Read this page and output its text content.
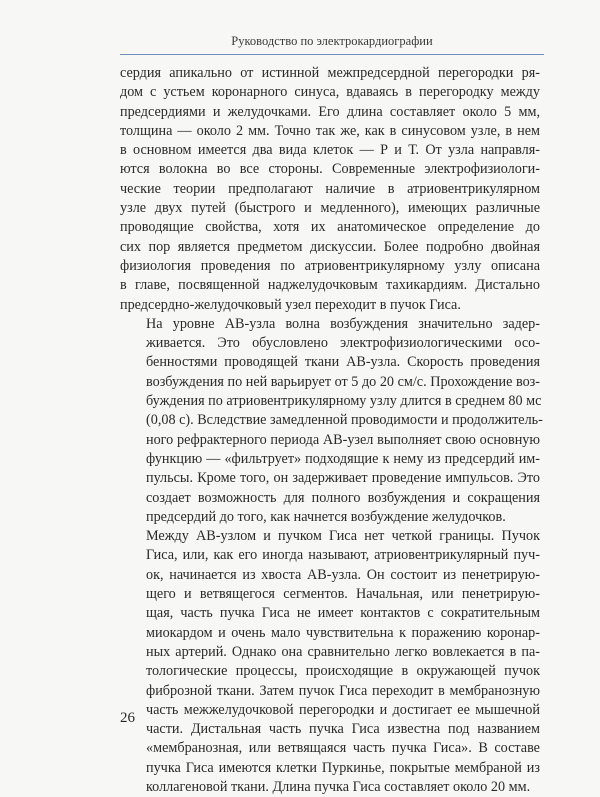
Руководство по электрокардиографии

сердия апикально от истинной межпредсердной перегородки ря-
дом с устьем коронарного синуса, вдаваясь в перегородку между
предсердиями и желудочками. Его длина составляет около 5 мм,
толщина — около 2 мм. Точно так же, как в синусовом узле, в нем
в основном имеется два вида клеток — Р и Т. От узла направля-
ются волокна во все стороны. Современные электрофизиологи-
ческие теории предполагают наличие в атриовентрикулярном
узле двух путей (быстрого и медленного), имеющих различные
проводящие свойства, хотя их анатомическое определение до
сих пор является предметом дискуссии. Более подробно двойная
физиология проведения по атриовентрикулярному узлу описана
в главе, посвященной наджелудочковым тахикардиям. Дистально
предсердно-желудочковый узел переходит в пучок Гиса.

На уровне АВ-узла волна возбуждения значительно задер-
живается. Это обусловлено электрофизиологическими осо-
бенностями проводящей ткани АВ-узла. Скорость проведения
возбуждения по ней варьирует от 5 до 20 см/с. Прохождение воз-
буждения по атриовентрикулярному узлу длится в среднем 80 мс
(0,08 с). Вследствие замедленной проводимости и продолжитель-
ного рефрактерного периода АВ-узел выполняет свою основную
функцию — «фильтрует» подходящие к нему из предсердий им-
пульсы. Кроме того, он задерживает проведение импульсов. Это
создает возможность для полного возбуждения и сокращения
предсердий до того, как начнется возбуждение желудочков.

Между АВ-узлом и пучком Гиса нет четкой границы. Пучок
Гиса, или, как его иногда называют, атриовентрикулярный пуч-
ок, начинается из хвоста АВ-узла. Он состоит из пенетрирую-
щего и ветвящегося сегментов. Начальная, или пенетрирую-
щая, часть пучка Гиса не имеет контактов с сократительным
миокардом и очень мало чувствительна к поражению коронар-
ных артерий. Однако она сравнительно легко вовлекается в па-
тологические процессы, происходящие в окружающей пучок
фиброзной ткани. Затем пучок Гиса переходит в мембранозную
часть межжелудочковой перегородки и достигает ее мышечной
части. Дистальная часть пучка Гиса известна под названием
«мембранозная, или ветвящаяся часть пучка Гиса». В составе
пучка Гиса имеются клетки Пуркинье, покрытые мембраной из
коллагеновой ткани. Длина пучка Гиса составляет около 20 мм.

26
